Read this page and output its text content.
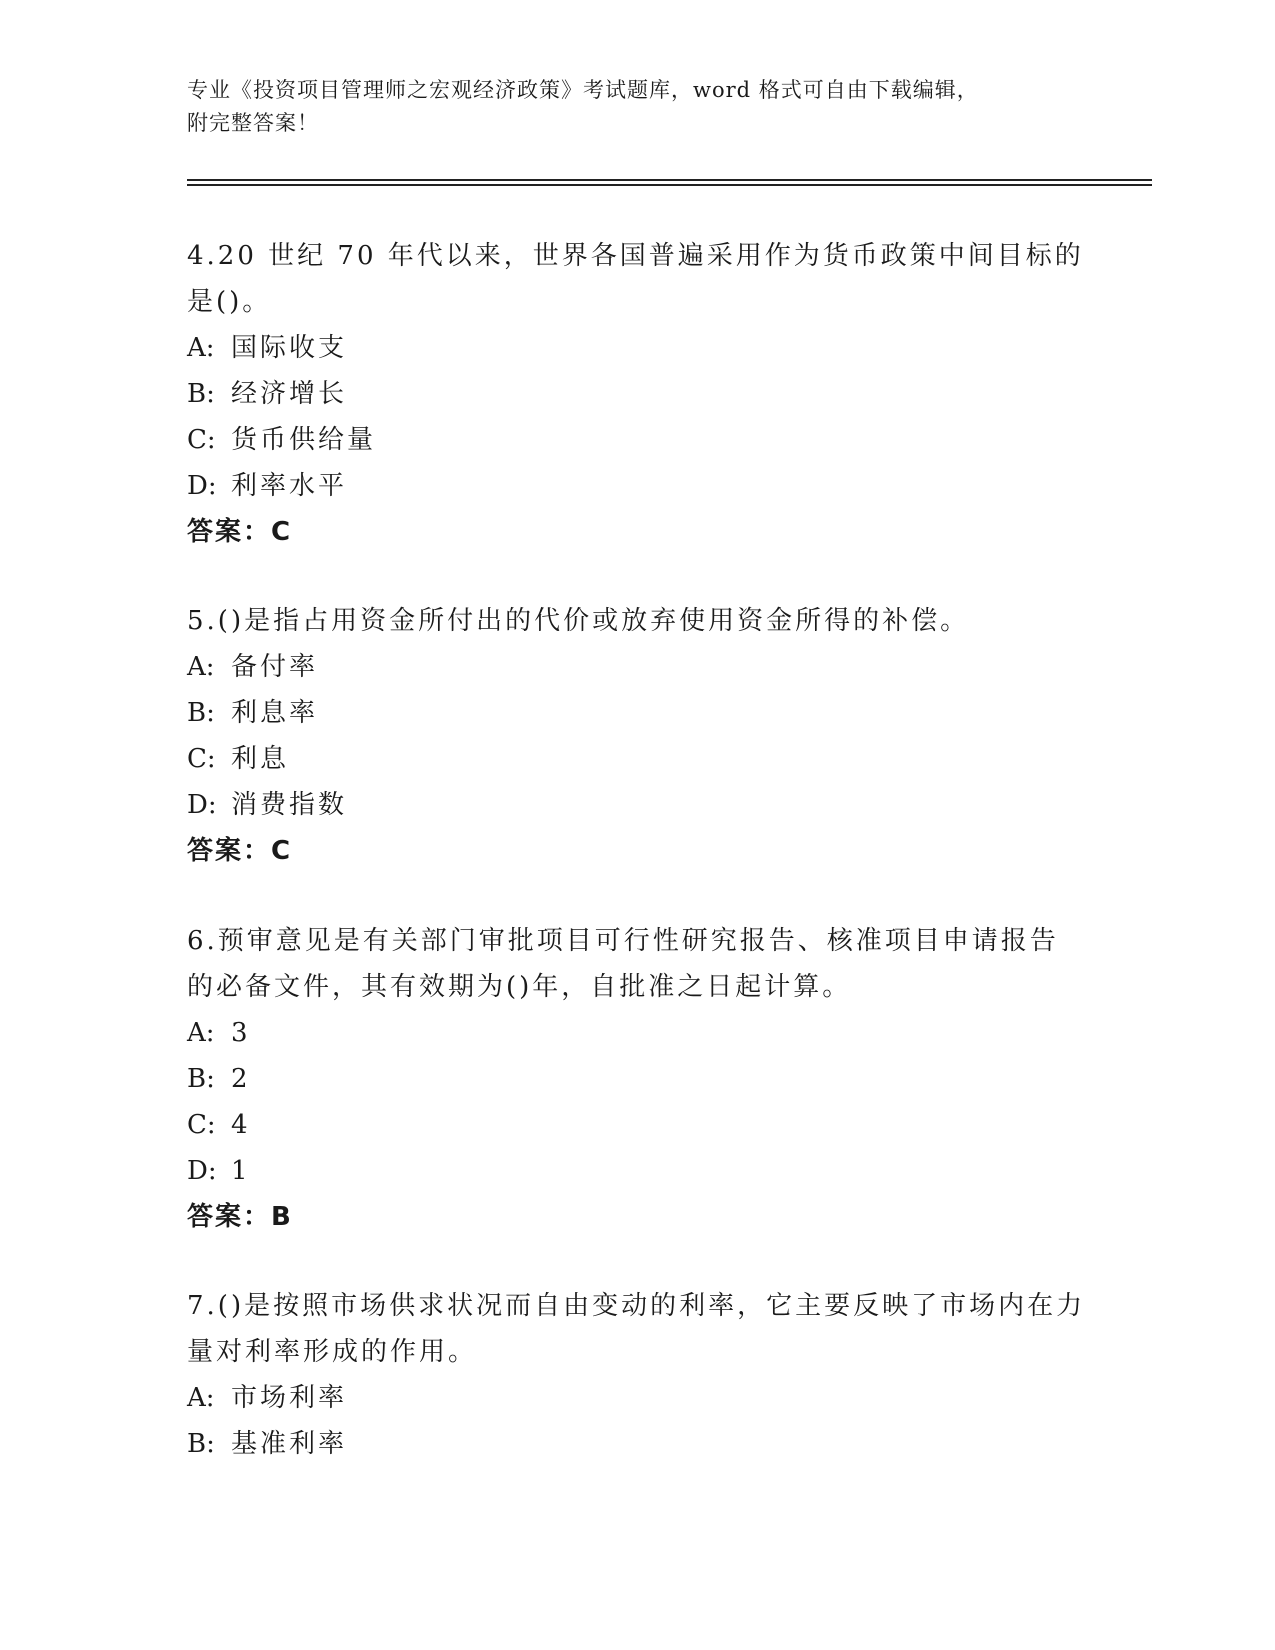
专业《投资项目管理师之宏观经济政策》考试题库，word 格式可自由下载编辑，
附完整答案！

4.20 世纪 70 年代以来，世界各国普遍采用作为货币政策中间目标的是()。

A: 国际收支

B: 经济增长

C: 货币供给量

D: 利率水平

答案：C

5.()是指占用资金所付出的代价或放弃使用资金所得的补偿。

A: 备付率

B: 利息率

C: 利息

D: 消费指数

答案：C

6.预审意见是有关部门审批项目可行性研究报告、核准项目申请报告的必备文件，其有效期为()年，自批准之日起计算。

A: 3

B: 2

C: 4

D: 1

答案：B

7.()是按照市场供求状况而自由变动的利率，它主要反映了市场内在力量对利率形成的作用。

A: 市场利率

B: 基准利率
